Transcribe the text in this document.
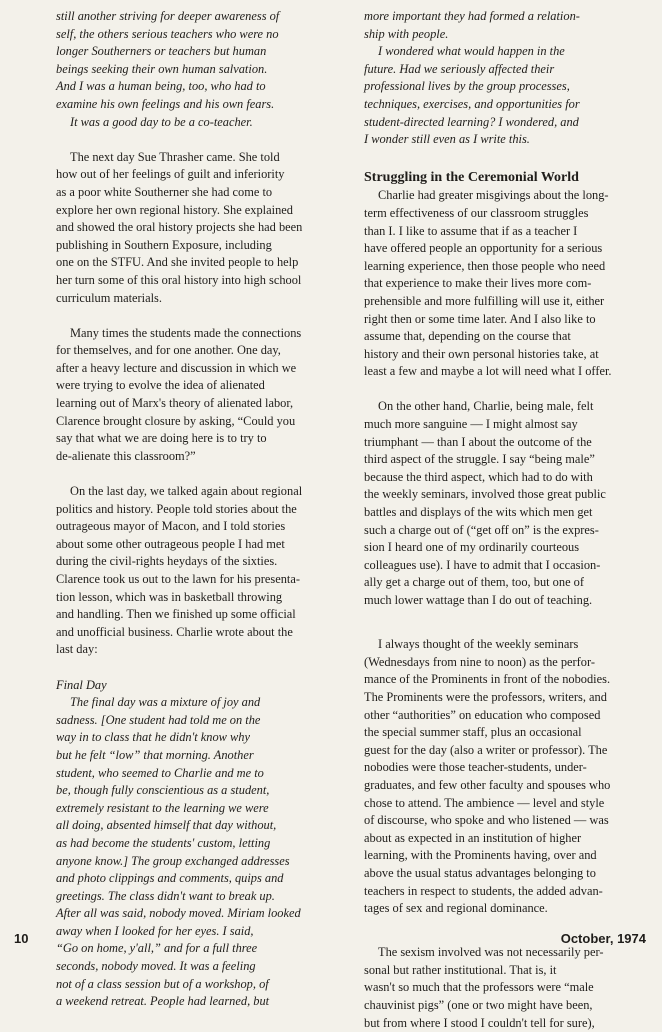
still another striving for deeper awareness of
self, the others serious teachers who were no
longer Southerners or teachers but human
beings seeking their own human salvation.
And I was a human being, too, who had to
examine his own feelings and his own fears.
It was a good day to be a co-teacher.
The next day Sue Thrasher came. She told
how out of her feelings of guilt and inferiority
as a poor white Southerner she had come to
explore her own regional history. She explained
and showed the oral history projects she had been
publishing in Southern Exposure, including
one on the STFU. And she invited people to help
her turn some of this oral history into high school
curriculum materials.
Many times the students made the connections
for themselves, and for one another. One day,
after a heavy lecture and discussion in which we
were trying to evolve the idea of alienated
learning out of Marx's theory of alienated labor,
Clarence brought closure by asking, “Could you
say that what we are doing here is to try to
de-alienate this classroom?”
On the last day, we talked again about regional
politics and history. People told stories about the
outrageous mayor of Macon, and I told stories
about some other outrageous people I had met
during the civil-rights heydays of the sixties.
Clarence took us out to the lawn for his presenta-
tion lesson, which was in basketball throwing
and handling. Then we finished up some official
and unofficial business. Charlie wrote about the
last day:
Final Day
The final day was a mixture of joy and
sadness. [One student had told me on the
way in to class that he didn't know why
but he felt “low” that morning. Another
student, who seemed to Charlie and me to
be, though fully conscientious as a student,
extremely resistant to the learning we were
all doing, absented himself that day without,
as had become the students' custom, letting
anyone know.] The group exchanged addresses
and photo clippings and comments, quips and
greetings. The class didn't want to break up.
After all was said, nobody moved. Miriam looked
away when I looked for her eyes. I said,
“Go on home, y'all,” and for a full three
seconds, nobody moved. It was a feeling
not of a class session but of a workshop, of
a weekend retreat. People had learned, but
more important they had formed a relation-
ship with people.
I wondered what would happen in the
future. Had we seriously affected their
professional lives by the group processes,
techniques, exercises, and opportunities for
student-directed learning? I wondered, and
I wonder still even as I write this.
Struggling in the Ceremonial World
Charlie had greater misgivings about the long-
term effectiveness of our classroom struggles
than I. I like to assume that if as a teacher I
have offered people an opportunity for a serious
learning experience, then those people who need
that experience to make their lives more com-
prehensible and more fulfilling will use it, either
right then or some time later. And I also like to
assume that, depending on the course that
history and their own personal histories take, at
least a few and maybe a lot will need what I offer.
On the other hand, Charlie, being male, felt
much more sanguine — I might almost say
triumphant — than I about the outcome of the
third aspect of the struggle. I say “being male”
because the third aspect, which had to do with
the weekly seminars, involved those great public
battles and displays of the wits which men get
such a charge out of (“get off on” is the expres-
sion I heard one of my ordinarily courteous
colleagues use). I have to admit that I occasion-
ally get a charge out of them, too, but one of
much lower wattage than I do out of teaching.
I always thought of the weekly seminars
(Wednesdays from nine to noon) as the perfor-
mance of the Prominents in front of the nobodies.
The Prominents were the professors, writers, and
other “authorities” on education who composed
the special summer staff, plus an occasional
guest for the day (also a writer or professor). The
nobodies were those teacher-students, under-
graduates, and few other faculty and spouses who
chose to attend. The ambience — level and style
of discourse, who spoke and who listened — was
about as expected in an institution of higher
learning, with the Prominents having, over and
above the usual status advantages belonging to
teachers in respect to students, the added advan-
tages of sex and regional dominance.
The sexism involved was not necessarily per-
sonal but rather institutional. That is, it
wasn't so much that the professors were “male
chauvinist pigs” (one or two might have been,
but from where I stood I couldn't tell for sure),
10	October, 1974
